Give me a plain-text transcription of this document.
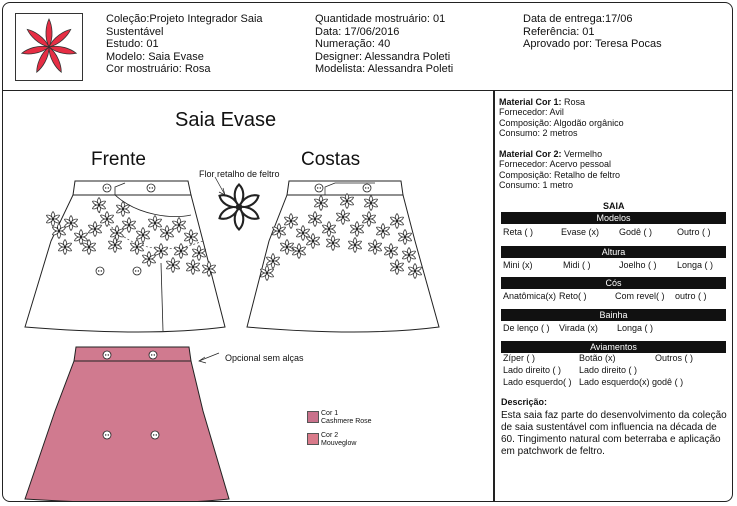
Coleção:Projeto Integrador Saia
Sustentável
Estudo: 01
Modelo: Saia Evase
Cor mostruário: Rosa
Quantidade mostruário: 01
Data: 17/06/2016
Numeração: 40
Designer: Alessandra Poleti
Modelista: Alessandra Poleti
Data de entrega:17/06
Referência: 01
Aprovado por: Teresa Pocas
Saia Evase
Frente	Costas
Flor retalho de feltro
Opcional sem alças
Cor 1
Cashmere Rose
Cor 2
Mouveglow
Material Cor 1: Rosa
Fornecedor: Avil
Composição: Algodão orgânico
Consumo: 2 metros
Material Cor 2: Vermelho
Fornecedor: Acervo pessoal
Composição: Retalho de feltro
Consumo: 1 metro
SAIA
Modelos
Reta ( )	Evase (x) Godê ( )	Outro ( )
Altura
Mini (x)	Midi ( )	Joelho ( ) Longa ( )
Cós
Anatômica(x) Reto( )	Com revel( ) outro ( )
Bainha
De lenço ( ) Virada (x) Longa ( )
Aviamentos
Zíper ( )	Botão (x)	Outros ( )
Lado direito ( ) Lado direito ( )
Lado esquerdo( ) Lado esquerdo(x) godê ( )
Descrição:
Esta saia faz parte do desenvolvimento da coleção de saia sustentável com influencia na década de 60. Tingimento natural com beterraba e aplicação em patchwork de feltro.
